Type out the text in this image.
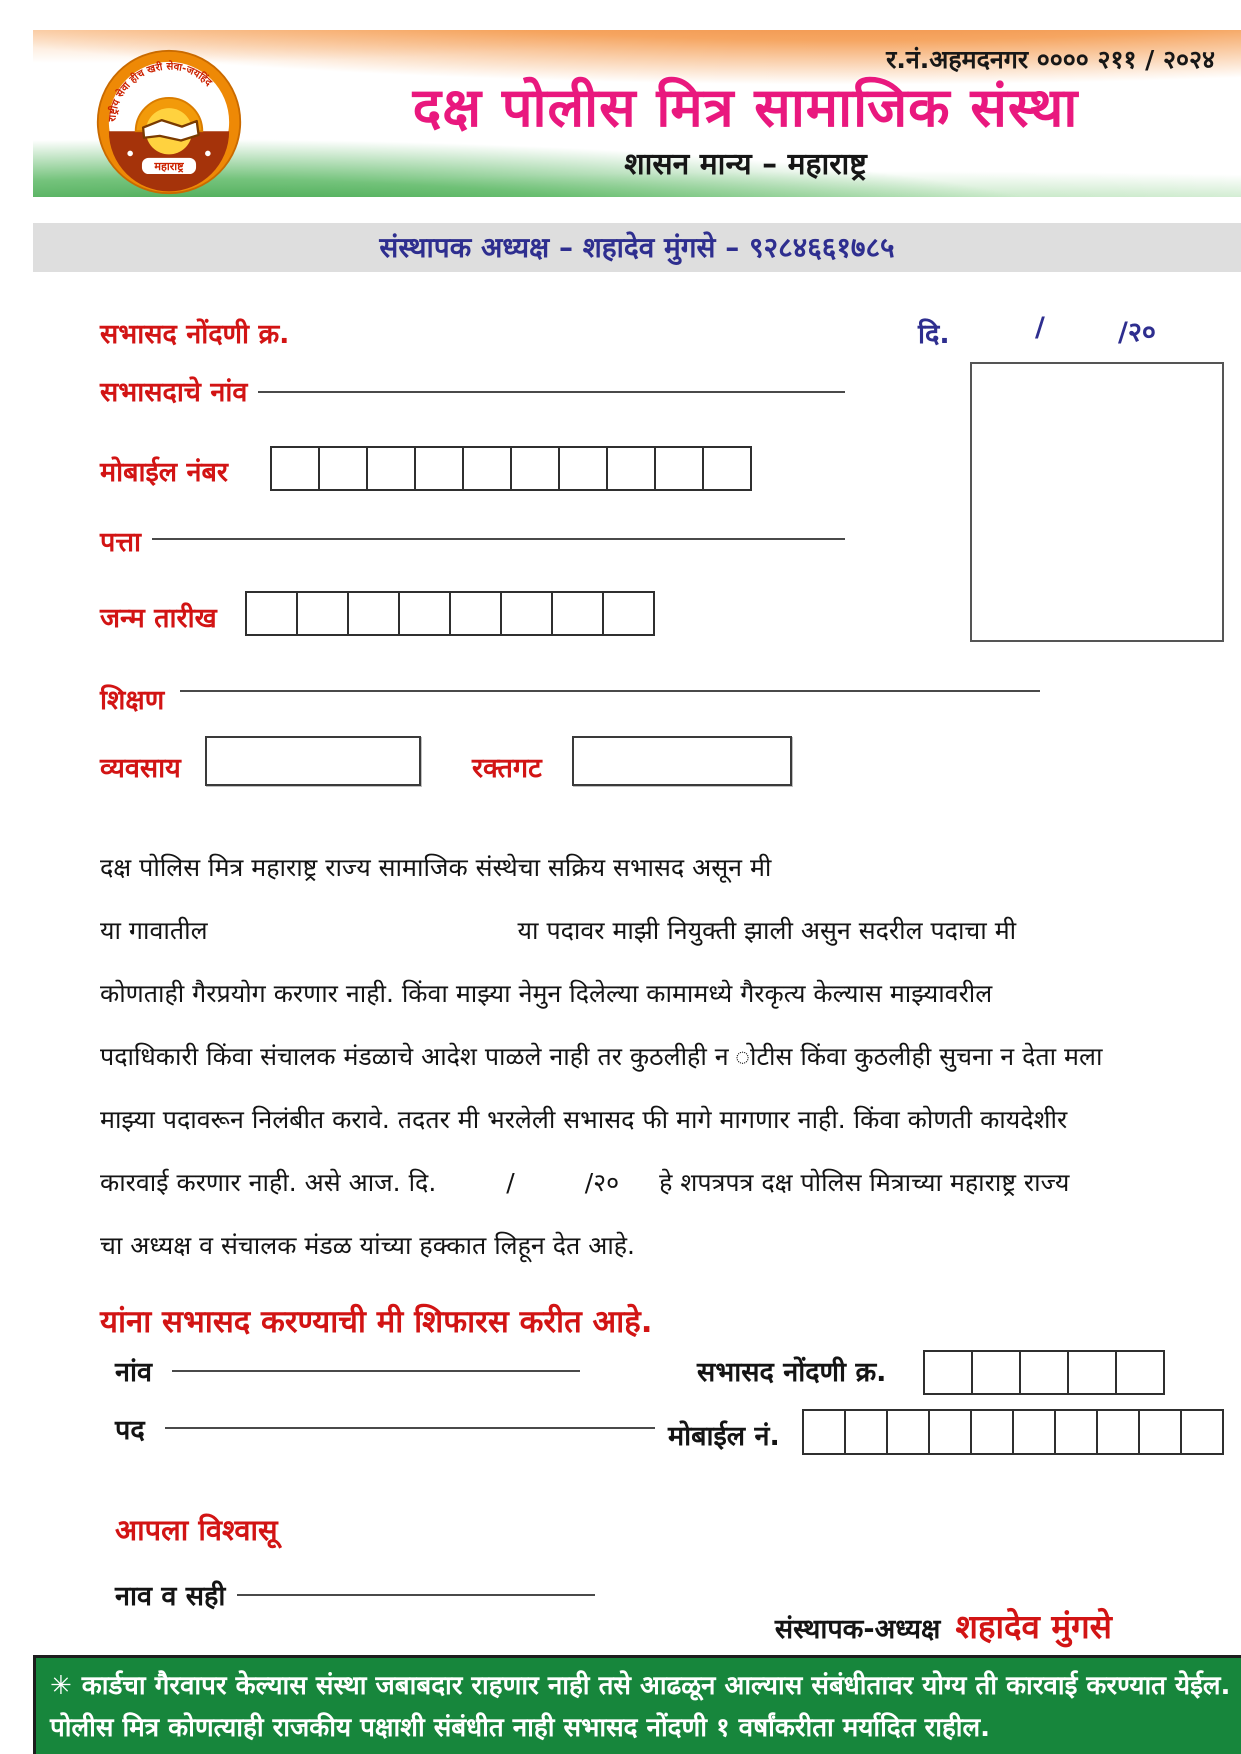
र.नं.अहमदनगर ०००० २११ / २०२४
राष्ट्रीय सेवा हीच खरी सेवा-जयहिंद
महाराष्ट्र
दक्ष पोलीस मित्र सामाजिक संस्था
शासन मान्य – महाराष्ट्र
संस्थापक अध्यक्ष – शहादेव मुंगसे – ९२८४६६१७८५
सभासद नोंदणी क्र.	दि.	/	/२०
सभासदाचे नांव
मोबाईल नंबर
पत्ता
जन्म तारीख
शिक्षण
व्यवसाय	रक्तगट
दक्ष पोलिस मित्र महाराष्ट्र राज्य सामाजिक संस्थेचा सक्रिय सभासद असून मी
या गावातील	या पदावर माझी नियुक्ती झाली असुन सदरील पदाचा मी
कोणताही गैरप्रयोग करणार नाही. किंवा माझ्या नेमुन दिलेल्या कामामध्ये गैरकृत्य केल्यास माझ्यावरील
पदाधिकारी किंवा संचालक मंडळाचे आदेश पाळले नाही तर कुठलीही न ोटीस किंवा कुठलीही सुचना न देता मला
माझ्या पदावरून निलंबीत करावे. तदतर मी भरलेली सभासद फी मागे मागणार नाही. किंवा कोणती कायदेशीर
कारवाई करणार नाही. असे आज. दि.	/	/२० हे शपत्रपत्र दक्ष पोलिस मित्राच्या महाराष्ट्र राज्य
चा अध्यक्ष व संचालक मंडळ यांच्या हक्कात लिहून देत आहे.
यांना सभासद करण्याची मी शिफारस करीत आहे.
नांव	सभासद नोंदणी क्र.
पद	मोबाईल नं.
आपला विश्वासू
नाव व सही
संस्थापक-अध्यक्ष शहादेव मुंगसे
✳ कार्डचा गैरवापर केल्यास संस्था जबाबदार राहणार नाही तसे आढळून आल्यास संबंधीतावर योग्य ती कारवाई करण्यात येईल.
पोलीस मित्र कोणत्याही राजकीय पक्षाशी संबंधीत नाही सभासद नोंदणी १ वर्षांकरीता मर्यादित राहील.
